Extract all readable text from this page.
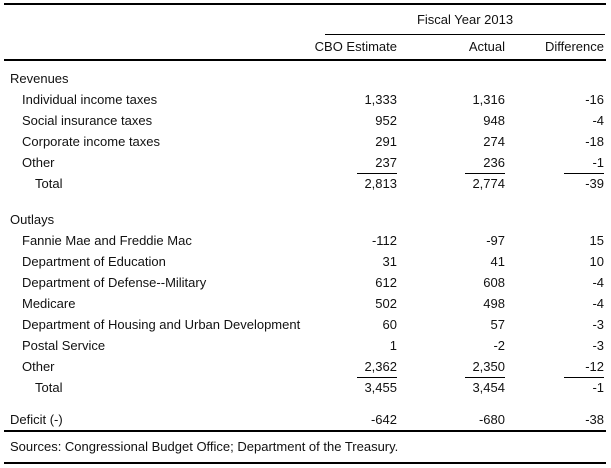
Fiscal Year 2013
CBO Estimate	Actual	Difference
Revenues
Individual income taxes	1,333	1,316	-16
Social insurance taxes	952	948	-4
Corporate income taxes	291	274	-18
Other	237	236	-1
Total	2,813	2,774	-39
Outlays
Fannie Mae and Freddie Mac	-112	-97	15
Department of Education	31	41	10
Department of Defense--Military	612	608	-4
Medicare	502	498	-4
Department of Housing and Urban Development	60	57	-3
Postal Service	1	-2	-3
Other	2,362	2,350	-12
Total	3,455	3,454	-1
Deficit (-)	-642	-680	-38
Sources: Congressional Budget Office; Department of the Treasury.
